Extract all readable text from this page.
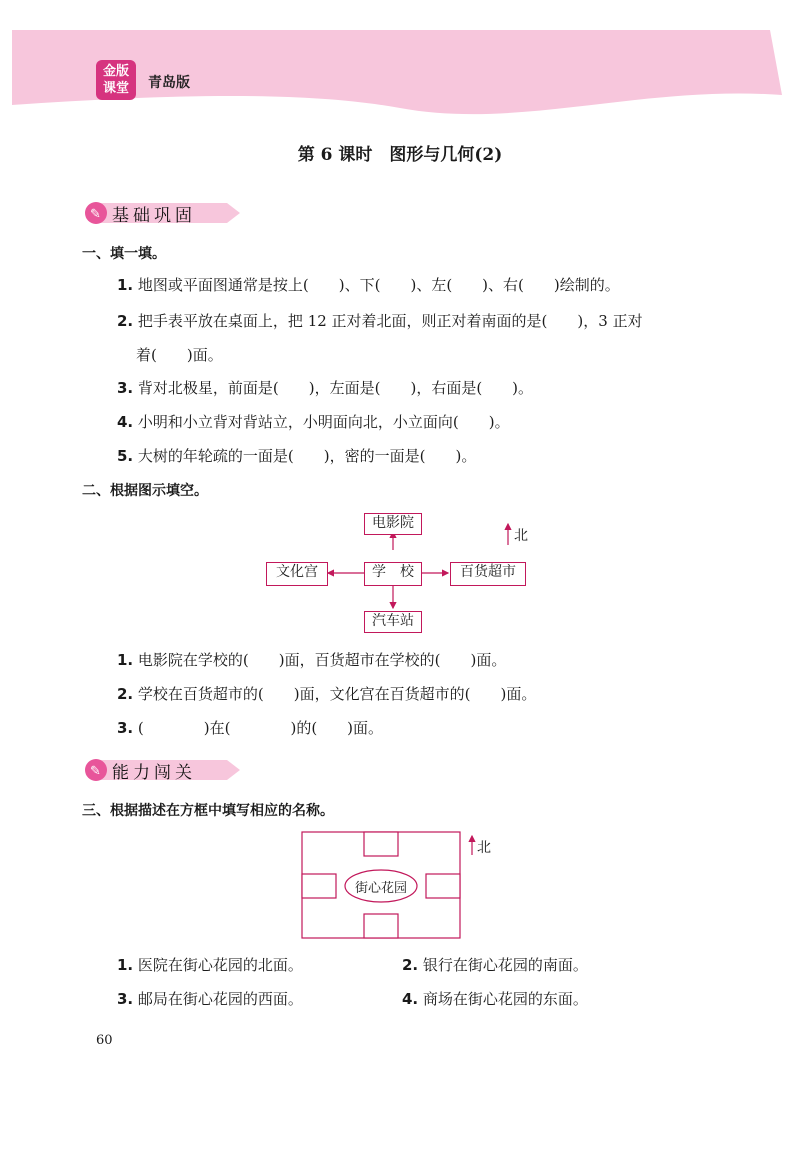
金版
课堂	青岛版
第 6 课时　图形与几何(2)
✎ 基础巩固
一、填一填。
1. 地图或平面图通常是按上(　　)、下(　　)、左(　　)、右(　　)绘制的。
2. 把手表平放在桌面上，把 12 正对着北面，则正对着南面的是(　　)，3 正对
着(　　)面。
3. 背对北极星，前面是(　　)，左面是(　　)，右面是(　　)。
4. 小明和小立背对背站立，小明面向北，小立面向(　　)。
5. 大树的年轮疏的一面是(　　)，密的一面是(　　)。
二、根据图示填空。
北
电影院
学　校
文化宫	百货超市
汽车站
1. 电影院在学校的(　　)面，百货超市在学校的(　　)面。
2. 学校在百货超市的(　　)面，文化宫在百货超市的(　　)面。
3. (　　　　)在(　　　　)的(　　)面。
✎ 能力闯关
三、根据描述在方框中填写相应的名称。
街心花园
北
1. 医院在街心花园的北面。	2. 银行在街心花园的南面。
3. 邮局在街心花园的西面。	4. 商场在街心花园的东面。
60
